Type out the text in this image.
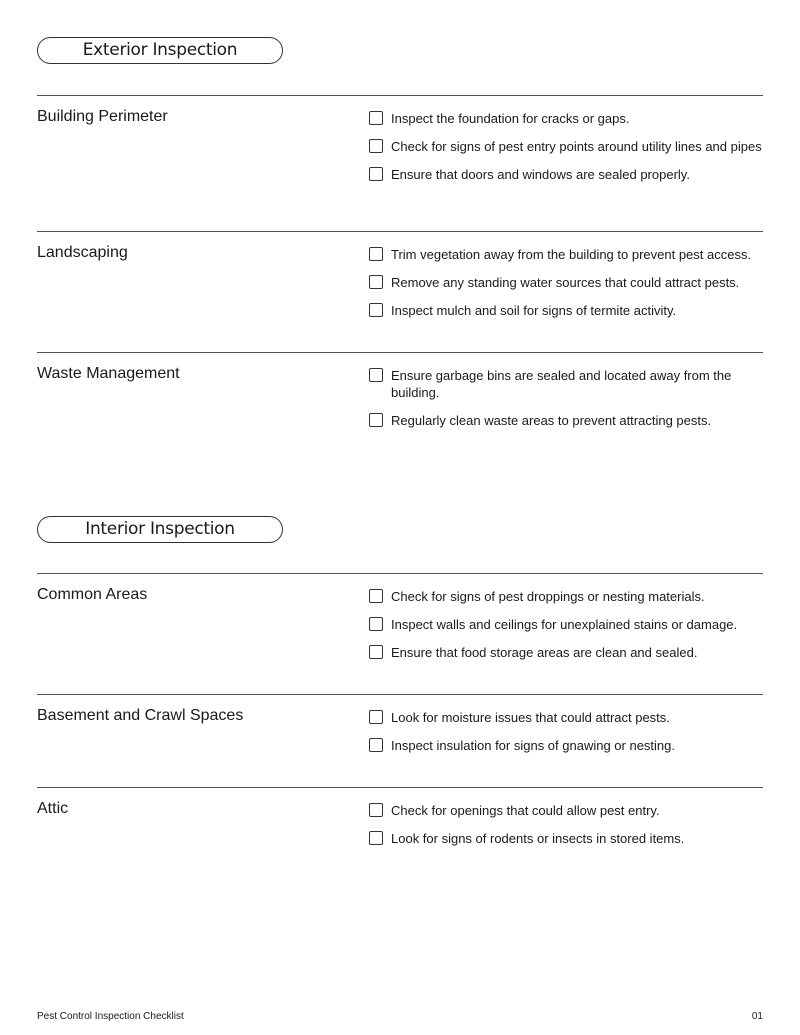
Exterior Inspection
Building Perimeter	Inspect the foundation for cracks or gaps.
Check for signs of pest entry points around utility lines and pipes
Ensure that doors and windows are sealed properly.
Landscaping	Trim vegetation away from the building to prevent pest access.
Remove any standing water sources that could attract pests.
Inspect mulch and soil for signs of termite activity.
Waste Management	Ensure garbage bins are sealed and located away from the building.
Regularly clean waste areas to prevent attracting pests.
Interior Inspection
Common Areas	Check for signs of pest droppings or nesting materials.
Inspect walls and ceilings for unexplained stains or damage.
Ensure that food storage areas are clean and sealed.
Basement and Crawl Spaces	Look for moisture issues that could attract pests.
Inspect insulation for signs of gnawing or nesting.
Attic	Check for openings that could allow pest entry.
Look for signs of rodents or insects in stored items.
Pest Control Inspection Checklist	01
